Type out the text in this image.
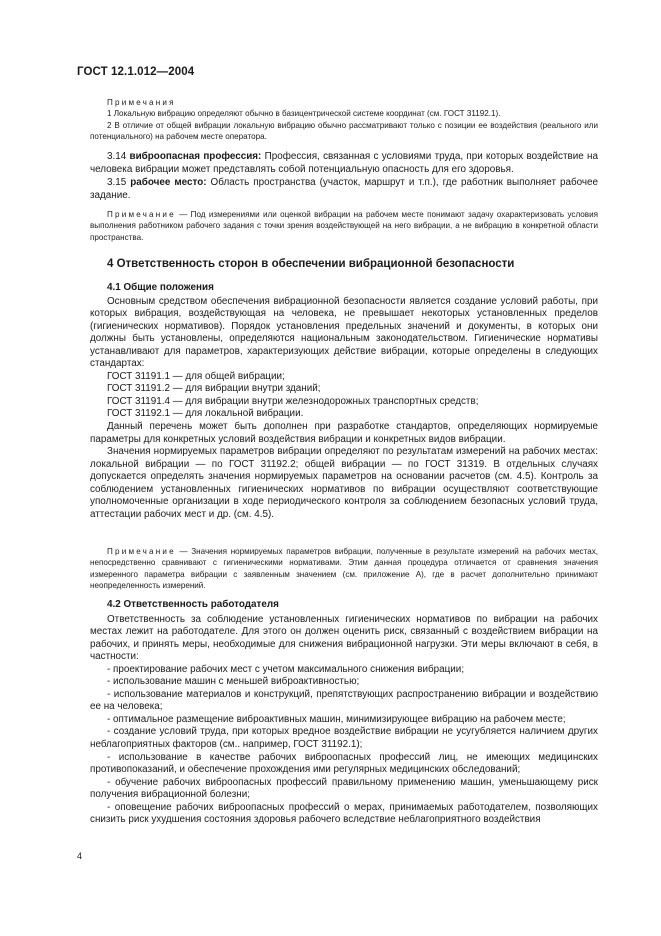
ГОСТ 12.1.012—2004

Примечания

1 Локальную вибрацию определяют обычно в базицентрической системе координат (см. ГОСТ 31192.1).

2 В отличие от общей вибрации локальную вибрацию обычно рассматривают только с позиции ее воздействия (реального или потенциального) на рабочем месте оператора.

3.14 виброопасная профессия: Профессия, связанная с условиями труда, при которых воздействие на человека вибрации может представлять собой потенциальную опасность для его здоровья.

3.15 рабочее место: Область пространства (участок, маршрут и т.п.), где работник выполняет рабочее задание.

Примечание — Под измерениями или оценкой вибрации на рабочем месте понимают задачу охарактеризовать условия выполнения работником рабочего задания с точки зрения воздействующей на него вибрации, а не вибрацию в конкретной области пространства.

4 Ответственность сторон в обеспечении вибрационной безопасности

4.1 Общие положения

Основным средством обеспечения вибрационной безопасности является создание условий работы, при которых вибрация, воздействующая на человека, не превышает некоторых установленных пределов (гигиенических нормативов). Порядок установления предельных значений и документы, в которых они должны быть установлены, определяются национальным законодательством. Гигиенические нормативы устанавливают для параметров, характеризующих действие вибрации, которые определены в следующих стандартах:

ГОСТ 31191.1 — для общей вибрации;

ГОСТ 31191.2 — для вибрации внутри зданий;

ГОСТ 31191.4 — для вибрации внутри железнодорожных транспортных средств;

ГОСТ 31192.1 — для локальной вибрации.

Данный перечень может быть дополнен при разработке стандартов, определяющих нормируемые параметры для конкретных условий воздействия вибрации и конкретных видов вибрации.

Значения нормируемых параметров вибрации определяют по результатам измерений на рабочих местах: локальной вибрации — по ГОСТ 31192.2; общей вибрации — по ГОСТ 31319. В отдельных случаях допускается определять значения нормируемых параметров на основании расчетов (см. 4.5). Контроль за соблюдением установленных гигиенических нормативов по вибрации осуществляют соответствующие уполномоченные организации в ходе периодического контроля за соблюдением безопасных условий труда, аттестации рабочих мест и др. (см. 4.5).

Примечание — Значения нормируемых параметров вибрации, полученные в результате измерений на рабочих местах, непосредственно сравнивают с гигиеническими нормативами. Этим данная процедура отличается от сравнения значения измеренного параметра вибрации с заявленным значением (см. приложение А), где в расчет дополнительно принимают неопределенность измерений.

4.2 Ответственность работодателя

Ответственность за соблюдение установленных гигиенических нормативов по вибрации на рабочих местах лежит на работодателе. Для этого он должен оценить риск, связанный с воздействием вибрации на рабочих, и принять меры, необходимые для снижения вибрационной нагрузки. Эти меры включают в себя, в частности:

- проектирование рабочих мест с учетом максимального снижения вибрации;

- использование машин с меньшей виброактивностью;

- использование материалов и конструкций, препятствующих распространению вибрации и воздействию ее на человека;

- оптимальное размещение виброактивных машин, минимизирующее вибрацию на рабочем месте;

- создание условий труда, при которых вредное воздействие вибрации не усугубляется наличием других неблагоприятных факторов (см.. например, ГОСТ 31192.1);

- использование в качестве рабочих виброопасных профессий лиц, не имеющих медицинских противопоказаний, и обеспечение прохождения ими регулярных медицинских обследований;

- обучение рабочих виброопасных профессий правильному применению машин, уменьшающему риск получения вибрационной болезни;

- оповещение рабочих виброопасных профессий о мерах, принимаемых работодателем, позволяющих снизить риск ухудшения состояния здоровья рабочего вследствие неблагоприятного воздействия

4
